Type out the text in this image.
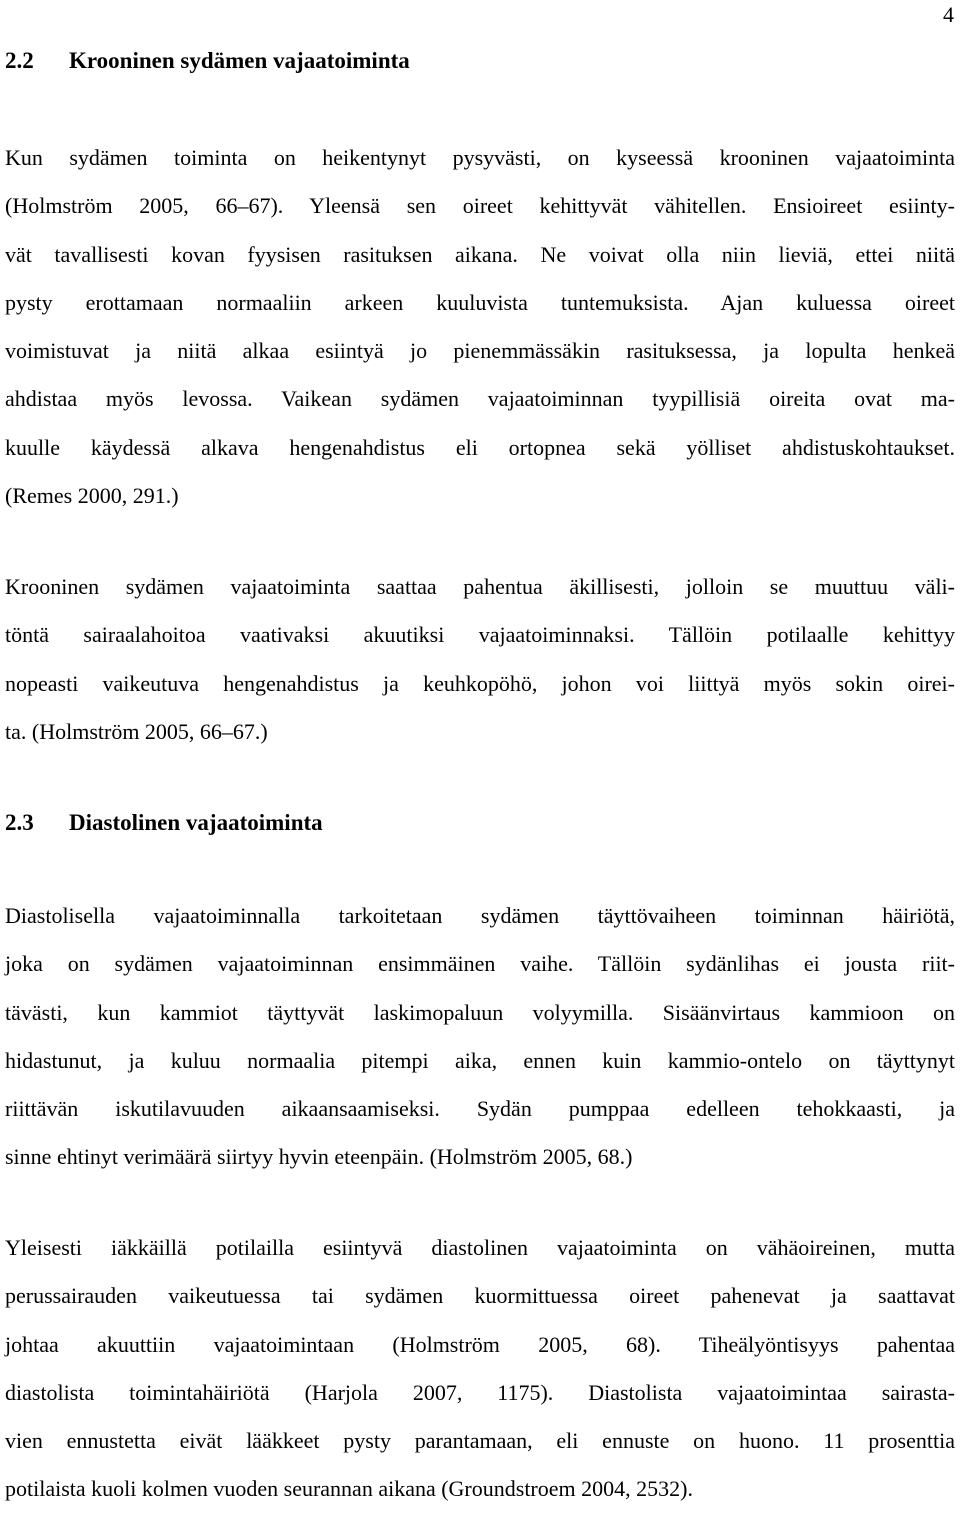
4
2.2 Krooninen sydämen vajaatoiminta
Kun sydämen toiminta on heikentynyt pysyvästi, on kyseessä krooninen vajaatoiminta
(Holmström 2005, 66–67). Yleensä sen oireet kehittyvät vähitellen. Ensioireet esiinty-
vät tavallisesti kovan fyysisen rasituksen aikana. Ne voivat olla niin lieviä, ettei niitä
pysty erottamaan normaaliin arkeen kuuluvista tuntemuksista. Ajan kuluessa oireet
voimistuvat ja niitä alkaa esiintyä jo pienemmässäkin rasituksessa, ja lopulta henkeä
ahdistaa myös levossa. Vaikean sydämen vajaatoiminnan tyypillisiä oireita ovat ma-
kuulle käydessä alkava hengenahdistus eli ortopnea sekä yölliset ahdistuskohtaukset.
(Remes 2000, 291.)
Krooninen sydämen vajaatoiminta saattaa pahentua äkillisesti, jolloin se muuttuu väli-
töntä sairaalahoitoa vaativaksi akuutiksi vajaatoiminnaksi. Tällöin potilaalle kehittyy
nopeasti vaikeutuva hengenahdistus ja keuhkopöhö, johon voi liittyä myös sokin oirei-
ta. (Holmström 2005, 66–67.)
2.3 Diastolinen vajaatoiminta
Diastolisella vajaatoiminnalla tarkoitetaan sydämen täyttövaiheen toiminnan häiriötä,
joka on sydämen vajaatoiminnan ensimmäinen vaihe. Tällöin sydänlihas ei jousta riit-
tävästi, kun kammiot täyttyvät laskimopaluun volyymilla. Sisäänvirtaus kammioon on
hidastunut, ja kuluu normaalia pitempi aika, ennen kuin kammio-ontelo on täyttynyt
riittävän iskutilavuuden aikaansaamiseksi. Sydän pumppaa edelleen tehokkaasti, ja
sinne ehtinyt verimäärä siirtyy hyvin eteenpäin. (Holmström 2005, 68.)
Yleisesti iäkkäillä potilailla esiintyvä diastolinen vajaatoiminta on vähäoireinen, mutta
perussairauden vaikeutuessa tai sydämen kuormittuessa oireet pahenevat ja saattavat
johtaa akuuttiin vajaatoimintaan (Holmström 2005, 68). Tiheälyöntisyys pahentaa
diastolista toimintahäiriötä (Harjola 2007, 1175). Diastolista vajaatoimintaa sairasta-
vien ennustetta eivät lääkkeet pysty parantamaan, eli ennuste on huono. 11 prosenttia
potilaista kuoli kolmen vuoden seurannan aikana (Groundstroem 2004, 2532).
